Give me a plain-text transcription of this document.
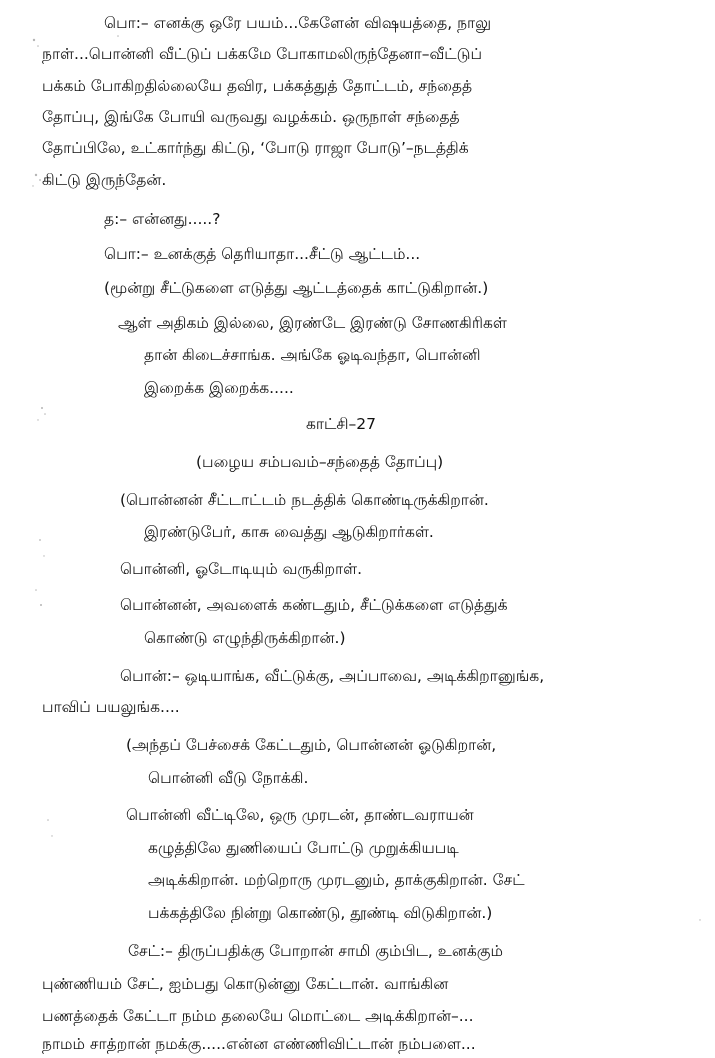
பொ:– எனக்கு ஒரே பயம்...கேளேன் விஷயத்தை, நாலு

நாள்...பொன்னி வீட்டுப் பக்கமே போகாமலிருந்தேனா–வீட்டுப்

பக்கம் போகிறதில்லையே தவிர, பக்கத்துத் தோட்டம், சந்தைத்

தோப்பு, இங்கே போயி வருவது வழக்கம். ஒருநாள் சந்தைத்

தோப்பிலே, உட்கார்ந்து கிட்டு, ‘போடு ராஜா போடு’–நடத்திக்

கிட்டு இருந்தேன்.

த:– என்னது.....?

பொ:– உனக்குத் தெரியாதா...சீட்டு ஆட்டம்...

(மூன்று சீட்டுகளை எடுத்து ஆட்டத்தைக் காட்டுகிறான்.)

ஆள் அதிகம் இல்லை, இரண்டே இரண்டு சோணகிரிகள்

தான் கிடைச்சாங்க. அங்கே ஓடிவந்தா, பொன்னி

இறைக்க இறைக்க.....

காட்சி–27

(பழைய சம்பவம்–சந்தைத் தோப்பு)

(பொன்னன் சீட்டாட்டம் நடத்திக் கொண்டிருக்கிறான்.

இரண்டுபேர், காசு வைத்து ஆடுகிறார்கள்.

பொன்னி, ஓடோடியும் வருகிறாள்.

பொன்னன், அவளைக் கண்டதும், சீட்டுக்களை எடுத்துக்

கொண்டு எழுந்திருக்கிறான்.)

பொன்:– ஒடியாங்க, வீட்டுக்கு, அப்பாவை, அடிக்கிறானுங்க,

பாவிப் பயலுங்க....

(அந்தப் பேச்சைக் கேட்டதும், பொன்னன் ஓடுகிறான்,

பொன்னி வீடு நோக்கி.

பொன்னி வீட்டிலே, ஒரு முரடன், தாண்டவராயன்

கழுத்திலே துணியைப் போட்டு முறுக்கியபடி

அடிக்கிறான். மற்றொரு முரடனும், தாக்குகிறான். சேட்

பக்கத்திலே நின்று கொண்டு, தூண்டி விடுகிறான்.)

சேட்:– திருப்பதிக்கு போறான் சாமி கும்பிட, உனக்கும்

புண்ணியம் சேட், ஐம்பது கொடுன்னு கேட்டான். வாங்கின

பணத்தைக் கேட்டா நம்ம தலையே மொட்டை அடிக்கிறான்–...

நாமம் சாத்றான் நமக்கு.....என்ன எண்ணிவிட்டான் நம்பளை...
